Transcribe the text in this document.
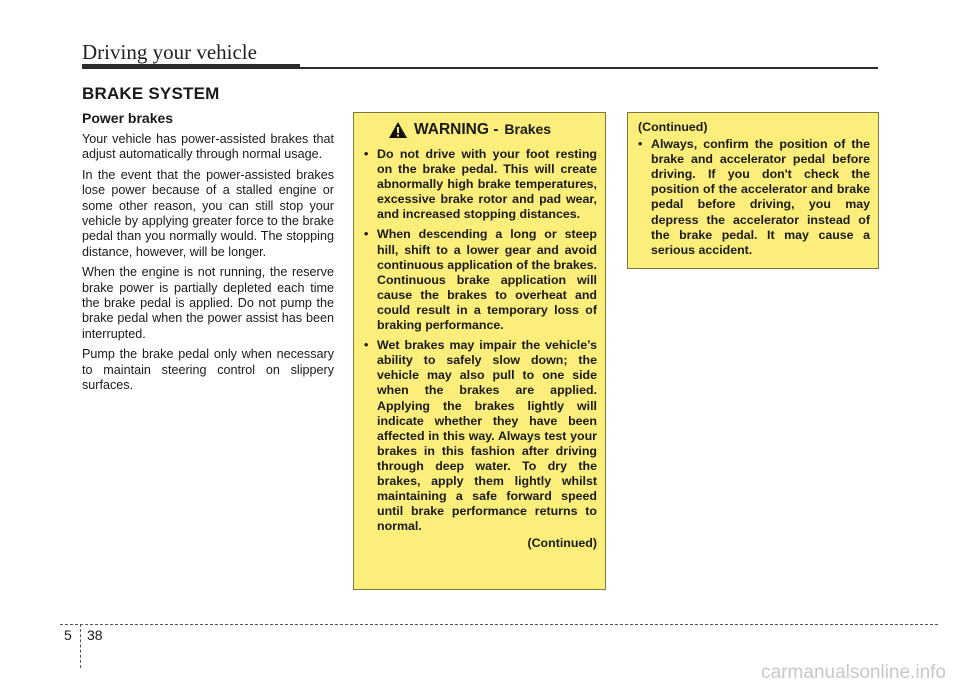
Driving your vehicle
BRAKE SYSTEM
Power brakes

Your vehicle has power-assisted brakes that adjust automatically through normal usage.

In the event that the power-assisted brakes lose power because of a stalled engine or some other reason, you can still stop your vehicle by applying greater force to the brake pedal than you normally would. The stopping distance, however, will be longer.

When the engine is not running, the reserve brake power is partially depleted each time the brake pedal is applied. Do not pump the brake pedal when the power assist has been interrupted.

Pump the brake pedal only when necessary to maintain steering control on slippery surfaces.

WARNING - Brakes
• Do not drive with your foot resting on the brake pedal. This will create abnormally high brake temperatures, excessive brake rotor and pad wear, and increased stopping distances.
• When descending a long or steep hill, shift to a lower gear and avoid continuous application of the brakes. Continuous brake application will cause the brakes to overheat and could result in a temporary loss of braking performance.
• Wet brakes may impair the vehicle’s ability to safely slow down; the vehicle may also pull to one side when the brakes are applied. Applying the brakes lightly will indicate whether they have been affected in this way. Always test your brakes in this fashion after driving through deep water. To dry the brakes, apply them lightly whilst maintaining a safe forward speed until brake performance returns to normal.
(Continued)
(Continued)
• Always, confirm the position of the brake and accelerator pedal before driving. If you don't check the position of the accelerator and brake pedal before driving, you may depress the accelerator instead of the brake pedal. It may cause a serious accident.
5 38
carmanualsonline.info
